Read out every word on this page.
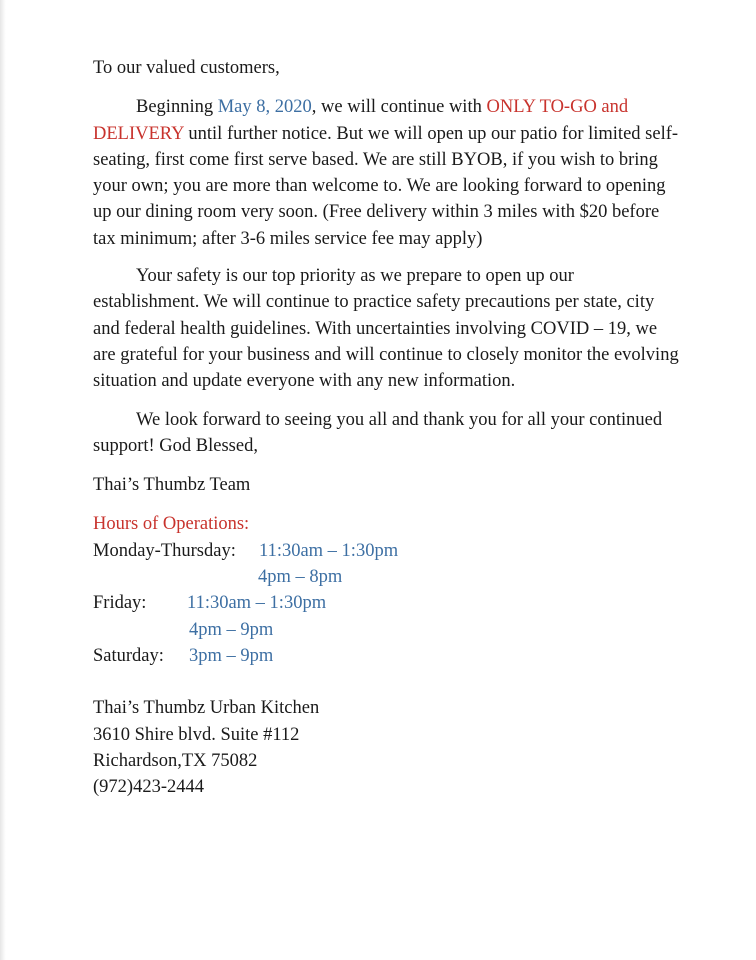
To our valued customers,

Beginning May 8, 2020, we will continue with ONLY TO-GO and DELIVERY until further notice. But we will open up our patio for limited self- seating, first come first serve based. We are still BYOB, if you wish to bring your own; you are more than welcome to. We are looking forward to opening up our dining room very soon. (Free delivery within 3 miles with $20 before tax minimum; after 3-6 miles service fee may apply)

Your safety is our top priority as we prepare to open up our establishment. We will continue to practice safety precautions per state, city and federal health guidelines. With uncertainties involving COVID – 19, we are grateful for your business and will continue to closely monitor the evolving situation and update everyone with any new information.

We look forward to seeing you all and thank you for all your continued support! God Blessed,

Thai’s Thumbz Team

Hours of Operations:

Monday-Thursday: 11:30am – 1:30pm
4pm – 8pm
Friday: 11:30am – 1:30pm
4pm – 9pm
Saturday: 3pm – 9pm

Thai’s Thumbz Urban Kitchen

3610 Shire blvd. Suite #112

Richardson,TX 75082

(972)423-2444
